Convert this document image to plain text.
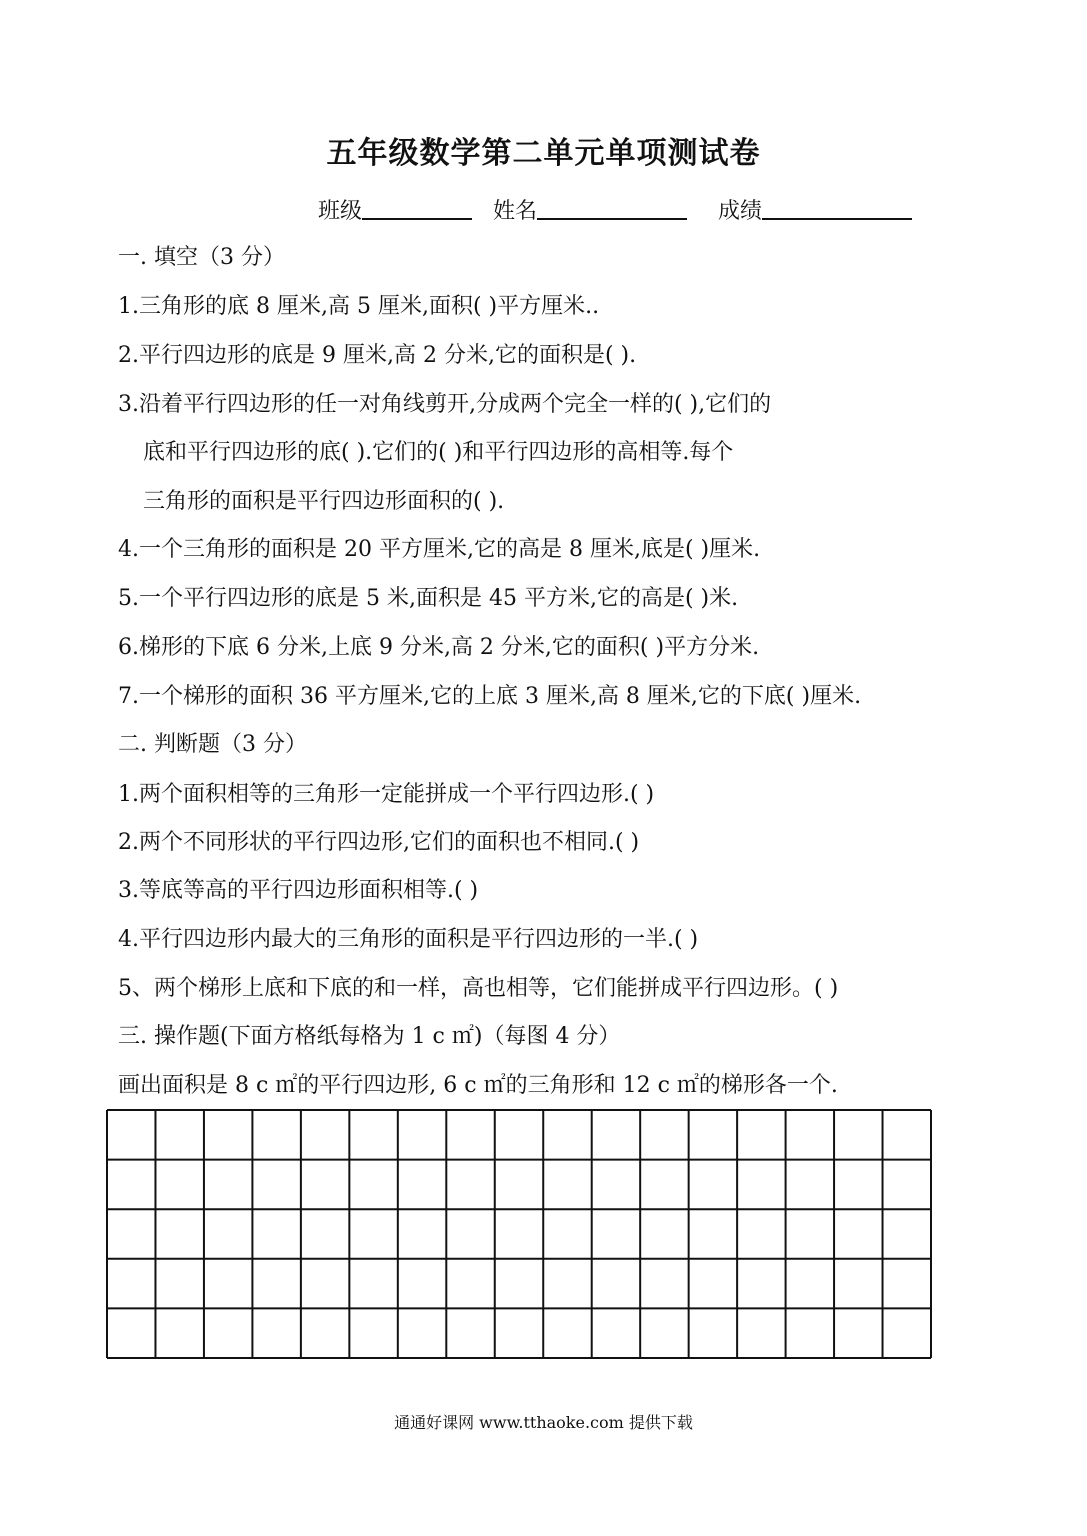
五年级数学第二单元单项测试卷
班级	姓名	成绩
一. 填空（3 分）
1.三角形的底 8 厘米,高 5 厘米,面积( )平方厘米..
2.平行四边形的底是 9 厘米,高 2 分米,它的面积是( ).
3.沿着平行四边形的任一对角线剪开,分成两个完全一样的( ),它们的
底和平行四边形的底( ).它们的( )和平行四边形的高相等.每个
三角形的面积是平行四边形面积的( ).
4.一个三角形的面积是 20 平方厘米,它的高是 8 厘米,底是( )厘米.
5.一个平行四边形的底是 5 米,面积是 45 平方米,它的高是( )米.
6.梯形的下底 6 分米,上底 9 分米,高 2 分米,它的面积( )平方分米.
7.一个梯形的面积 36 平方厘米,它的上底 3 厘米,高 8 厘米,它的下底( )厘米.
二. 判断题（3 分）
1.两个面积相等的三角形一定能拼成一个平行四边形.( )
2.两个不同形状的平行四边形,它们的面积也不相同.( )
3.等底等高的平行四边形面积相等.( )
4.平行四边形内最大的三角形的面积是平行四边形的一半.( )
5、两个梯形上底和下底的和一样，高也相等，它们能拼成平行四边形。( )
三. 操作题(下面方格纸每格为 1 c ㎡)（每图 4 分）
画出面积是 8 c ㎡的平行四边形, 6 c ㎡的三角形和 12 c ㎡的梯形各一个.
通通好课网 www.tthaoke.com 提供下载
